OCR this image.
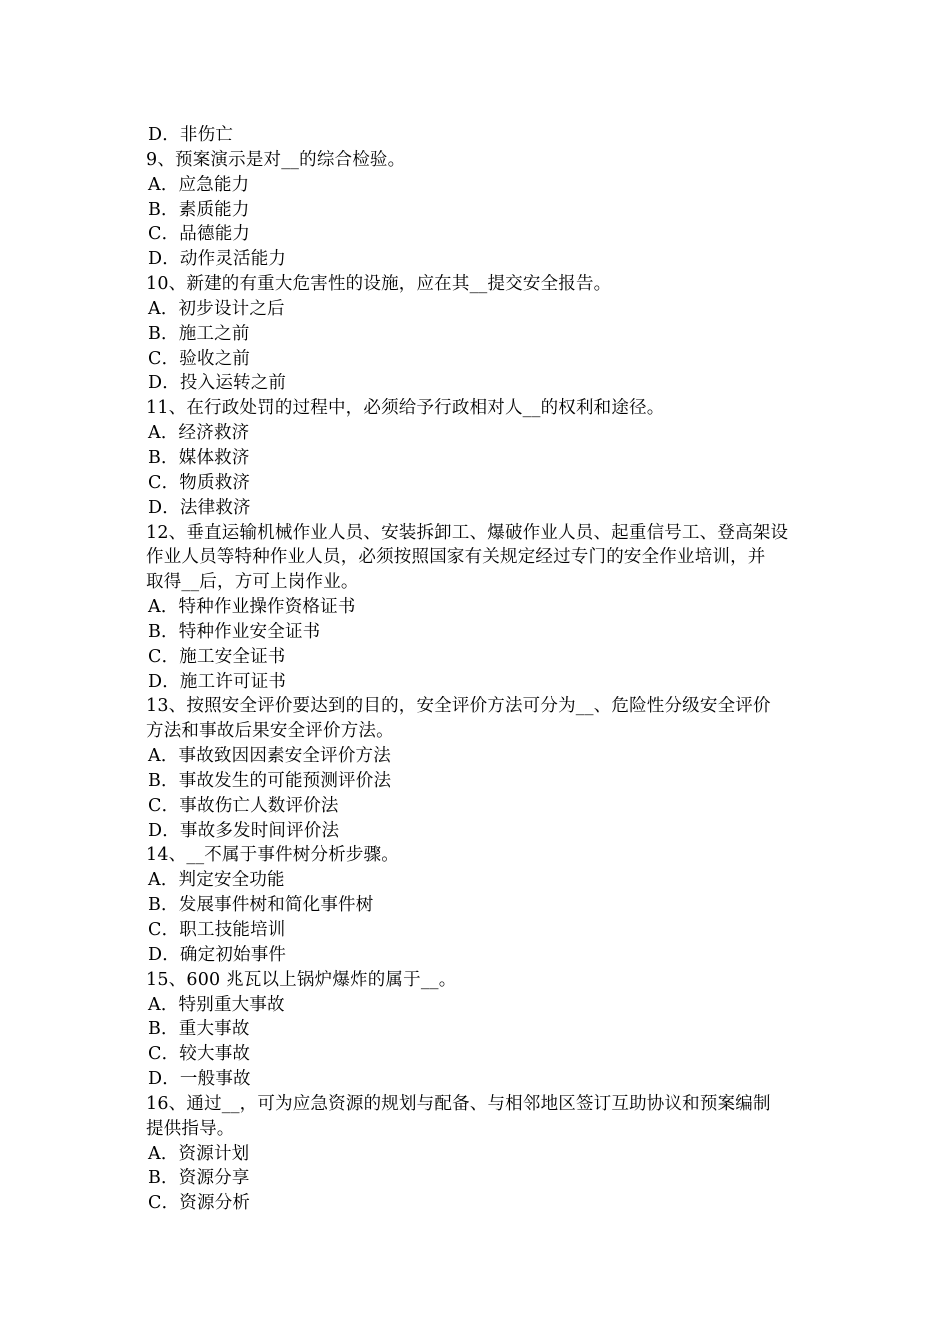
D．非伤亡
9、预案演示是对__的综合检验。
A．应急能力
B．素质能力
C．品德能力
D．动作灵活能力
10、新建的有重大危害性的设施，应在其__提交安全报告。
A．初步设计之后
B．施工之前
C．验收之前
D．投入运转之前
11、在行政处罚的过程中，必须给予行政相对人__的权利和途径。
A．经济救济
B．媒体救济
C．物质救济
D．法律救济
12、垂直运输机械作业人员、安装拆卸工、爆破作业人员、起重信号工、登高架设
作业人员等特种作业人员，必须按照国家有关规定经过专门的安全作业培训，并
取得__后，方可上岗作业。
A．特种作业操作资格证书
B．特种作业安全证书
C．施工安全证书
D．施工许可证书
13、按照安全评价要达到的目的，安全评价方法可分为__、危险性分级安全评价
方法和事故后果安全评价方法。
A．事故致因因素安全评价方法
B．事故发生的可能预测评价法
C．事故伤亡人数评价法
D．事故多发时间评价法
14、__不属于事件树分析步骤。
A．判定安全功能
B．发展事件树和简化事件树
C．职工技能培训
D．确定初始事件
15、600 兆瓦以上锅炉爆炸的属于__。
A．特别重大事故
B．重大事故
C．较大事故
D．一般事故
16、通过__，可为应急资源的规划与配备、与相邻地区签订互助协议和预案编制
提供指导。
A．资源计划
B．资源分享
C．资源分析
